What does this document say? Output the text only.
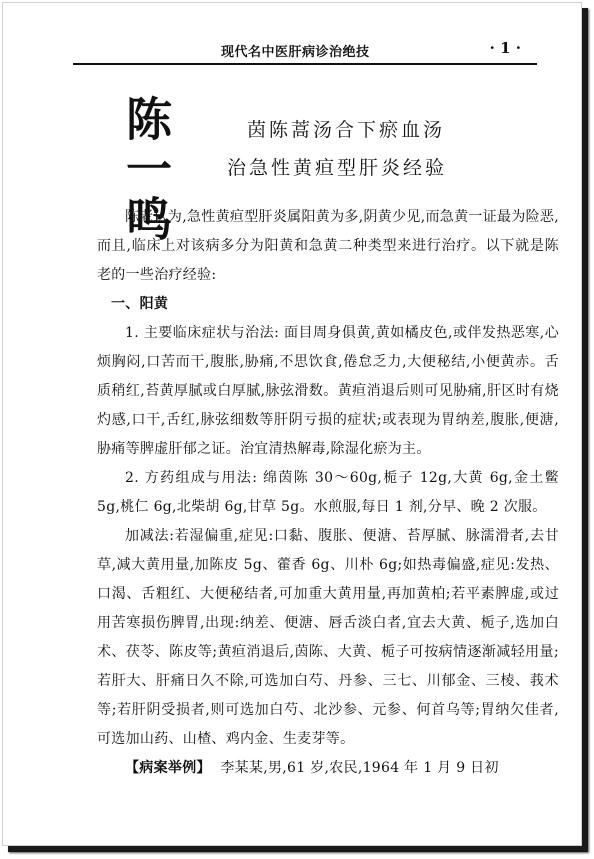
现代名中医肝病诊治绝技	· 1 ·
陈一鸣	茵陈蒿汤合下瘀血汤
治急性黄疸型肝炎经验

陈老认为,急性黄疸型肝炎属阳黄为多,阴黄少见,而急黄一证最为险恶,而且,临床上对该病多分为阳黄和急黄二种类型来进行治疗。以下就是陈老的一些治疗经验:

一、阳黄

1. 主要临床症状与治法: 面目周身俱黄,黄如橘皮色,或伴发热恶寒,心烦胸闷,口苦而干,腹胀,胁痛,不思饮食,倦怠乏力,大便秘结,小便黄赤。舌质稍红,苔黄厚腻或白厚腻,脉弦滑数。黄疸消退后则可见胁痛,肝区时有烧灼感,口干,舌红,脉弦细数等肝阴亏损的症状;或表现为胃纳差,腹胀,便溏,胁痛等脾虚肝郁之证。治宜清热解毒,除湿化瘀为主。

2. 方药组成与用法: 绵茵陈 30～60g,栀子 12g,大黄 6g,金土鳖 5g,桃仁 6g,北柴胡 6g,甘草 5g。水煎服,每日 1 剂,分早、晚 2 次服。

加减法:若湿偏重,症见:口黏、腹胀、便溏、苔厚腻、脉濡滑者,去甘草,减大黄用量,加陈皮 5g、藿香 6g、川朴 6g;如热毒偏盛,症见:发热、口渴、舌粗红、大便秘结者,可加重大黄用量,再加黄柏;若平素脾虚,或过用苦寒损伤脾胃,出现:纳差、便溏、唇舌淡白者,宜去大黄、栀子,选加白术、茯苓、陈皮等;黄疸消退后,茵陈、大黄、栀子可按病情逐渐减轻用量;若肝大、肝痛日久不除,可选加白芍、丹参、三七、川郁金、三棱、莪术等;若肝阴受损者,则可选加白芍、北沙参、元参、何首乌等;胃纳欠佳者,可选加山药、山楂、鸡内金、生麦芽等。

【病案举例】 李某某,男,61 岁,农民,1964 年 1 月 9 日初
